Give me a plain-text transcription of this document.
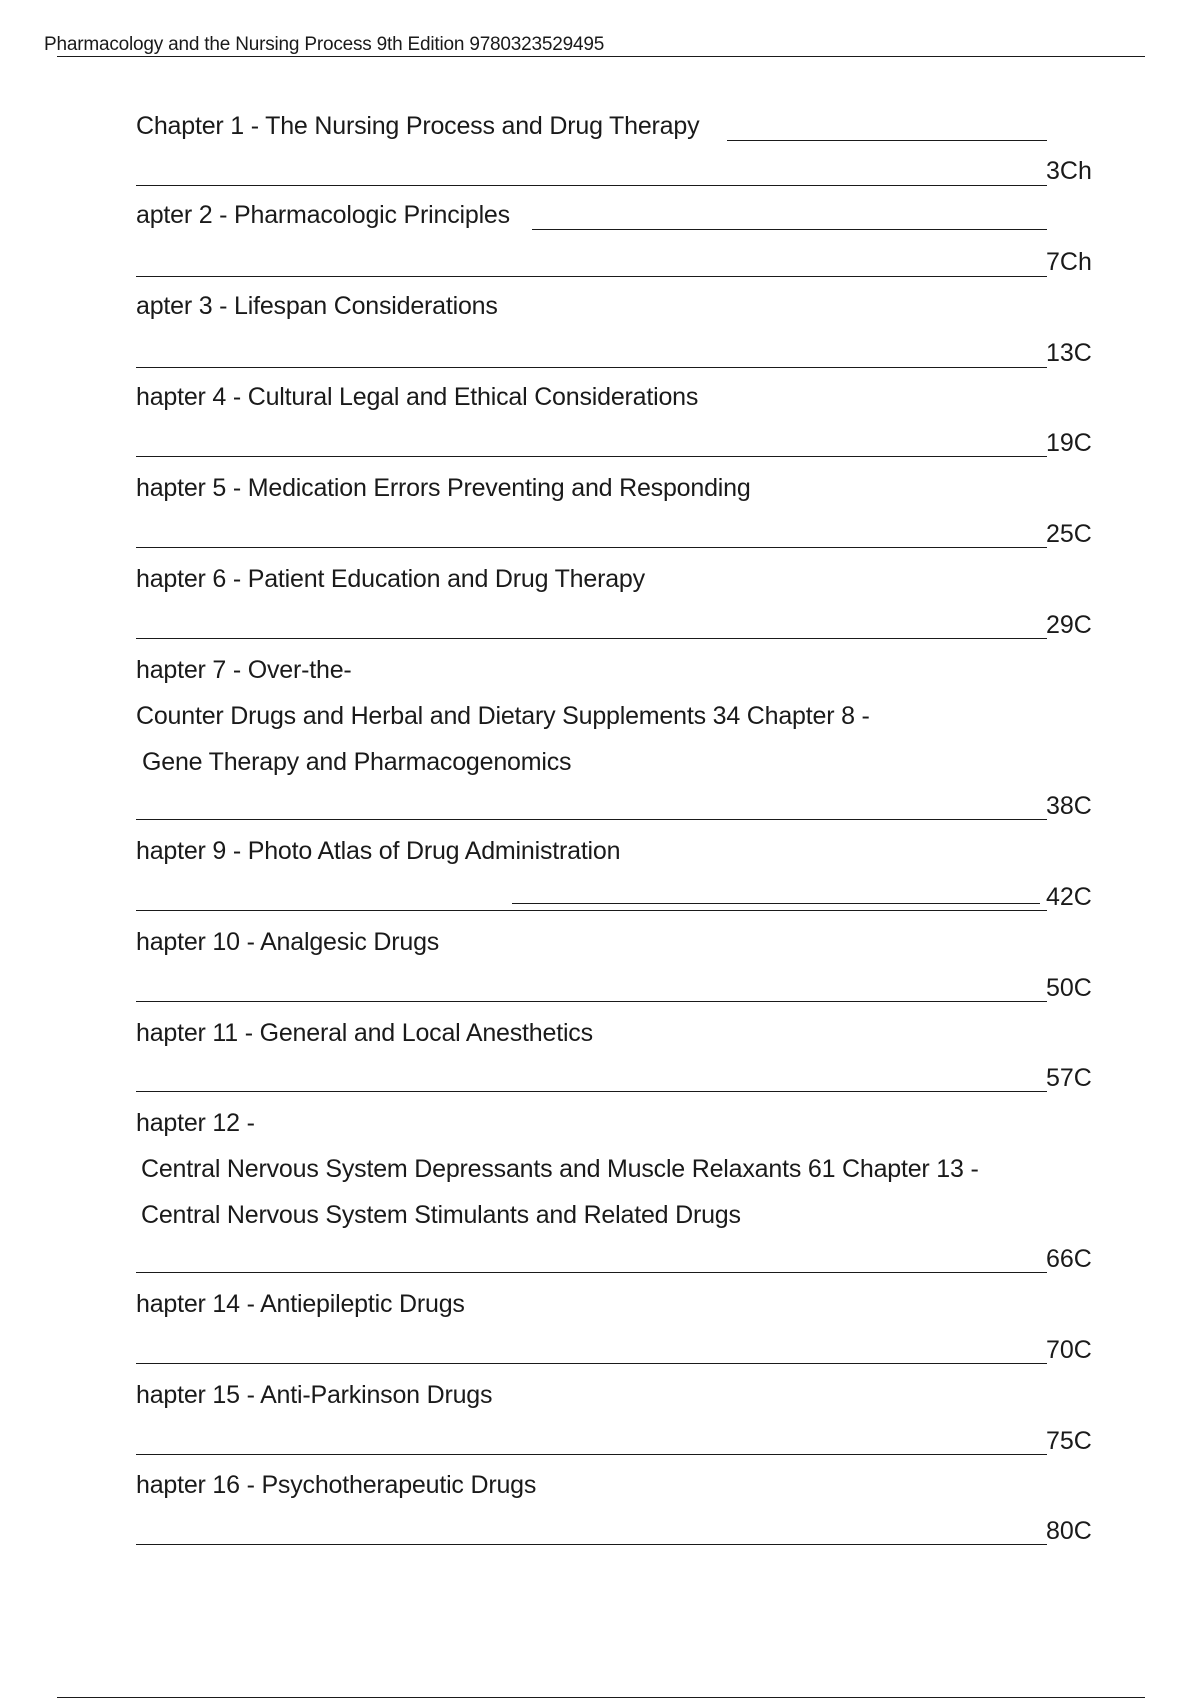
Pharmacology and the Nursing Process 9th Edition 9780323529495
Chapter 1 - The Nursing Process and Drug Therapy
3Ch
apter 2 - Pharmacologic Principles
7Ch
apter 3 - Lifespan Considerations
13C
hapter 4 - Cultural Legal and Ethical Considerations
19C
hapter 5 - Medication Errors Preventing and Responding
25C
hapter 6 - Patient Education and Drug Therapy
29C
hapter 7 - Over-the-
Counter Drugs and Herbal and Dietary Supplements 34 Chapter 8 -
Gene Therapy and Pharmacogenomics
38C
hapter 9 - Photo Atlas of Drug Administration
42C
hapter 10 - Analgesic Drugs
50C
hapter 11 - General and Local Anesthetics
57C
hapter 12 -
Central Nervous System Depressants and Muscle Relaxants 61 Chapter 13 -
Central Nervous System Stimulants and Related Drugs
66C
hapter 14 - Antiepileptic Drugs
70C
hapter 15 - Anti-Parkinson Drugs
75C
hapter 16 - Psychotherapeutic Drugs
80C
